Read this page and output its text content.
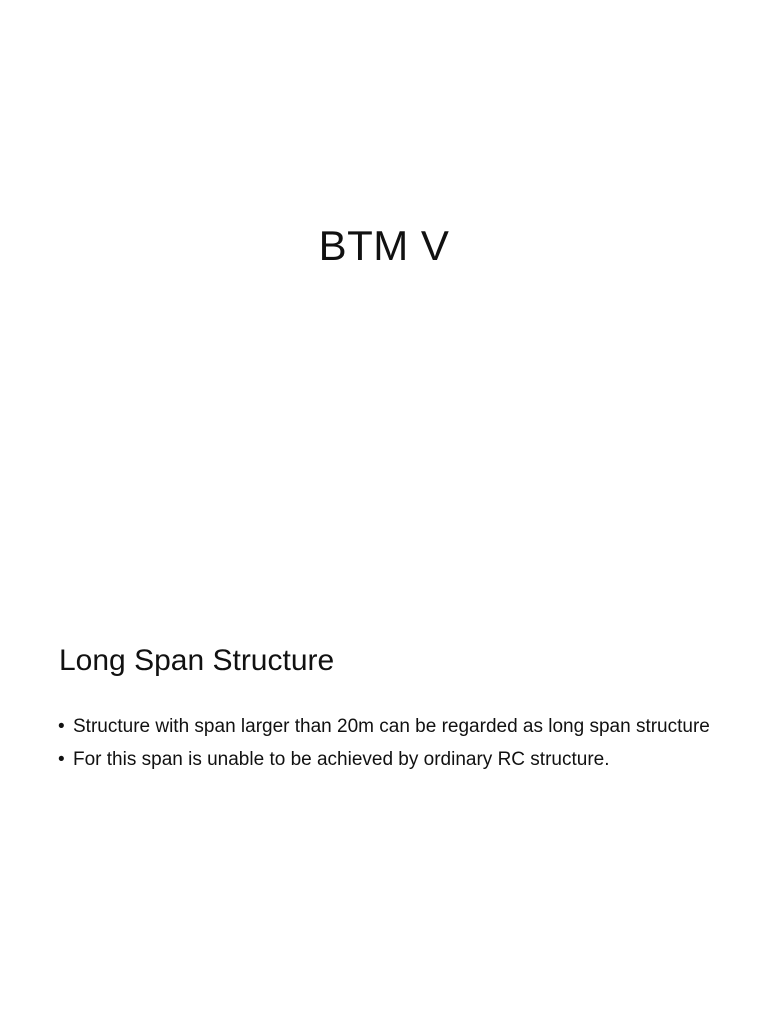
BTM V
Long Span Structure
• Structure with span larger than 20m can be regarded as long span structure
• For this span is unable to be achieved by ordinary RC structure.
